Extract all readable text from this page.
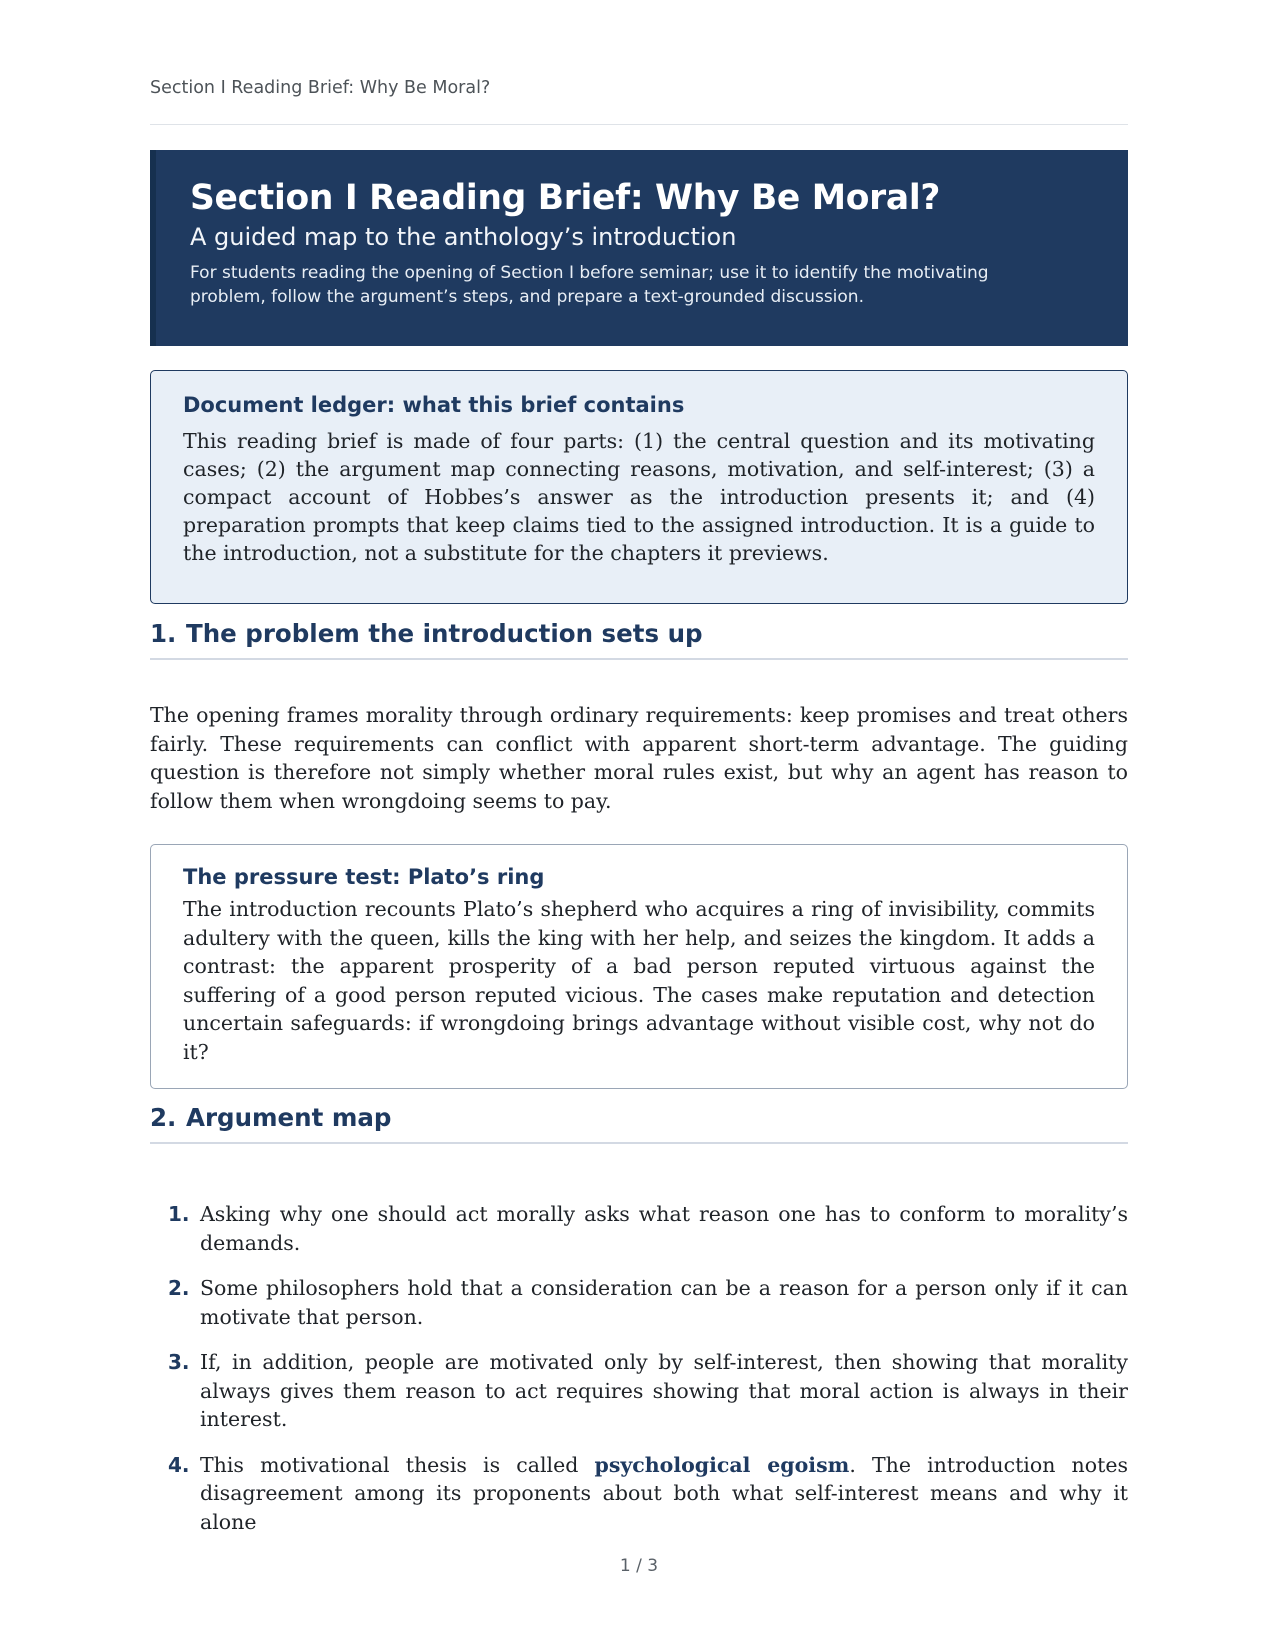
Section I Reading Brief: Why Be Moral?
Section I Reading Brief: Why Be Moral?
A guided map to the anthology’s introduction
For students reading the opening of Section I before seminar; use it to identify the motivating problem, follow the argument’s steps, and prepare a text-grounded discussion.
Document ledger: what this brief contains
This reading brief is made of four parts: (1) the central question and its motivating cases; (2) the argument map connecting reasons, motivation, and self-interest; (3) a compact account of Hobbes’s answer as the introduction presents it; and (4) preparation prompts that keep claims tied to the assigned introduction. It is a guide to the introduction, not a substitute for the chapters it previews.
1. The problem the introduction sets up
The opening frames morality through ordinary requirements: keep promises and treat others fairly. These requirements can conflict with apparent short-term advantage. The guiding question is therefore not simply whether moral rules exist, but why an agent has reason to follow them when wrongdoing seems to pay.
The pressure test: Plato’s ring
The introduction recounts Plato’s shepherd who acquires a ring of invisibility, commits adultery with the queen, kills the king with her help, and seizes the kingdom. It adds a contrast: the apparent prosperity of a bad person reputed virtuous against the suffering of a good person reputed vicious. The cases make reputation and detection uncertain safeguards: if wrongdoing brings advantage without visible cost, why not do it?
2. Argument map
1. Asking why one should act morally asks what reason one has to conform to morality’s demands.
2. Some philosophers hold that a consideration can be a reason for a person only if it can motivate that person.
3. If, in addition, people are motivated only by self-interest, then showing that morality always gives them reason to act requires showing that moral action is always in their interest.
4. This motivational thesis is called psychological egoism. The introduction notes disagreement among its proponents about both what self-interest means and why it alone
1 / 3
